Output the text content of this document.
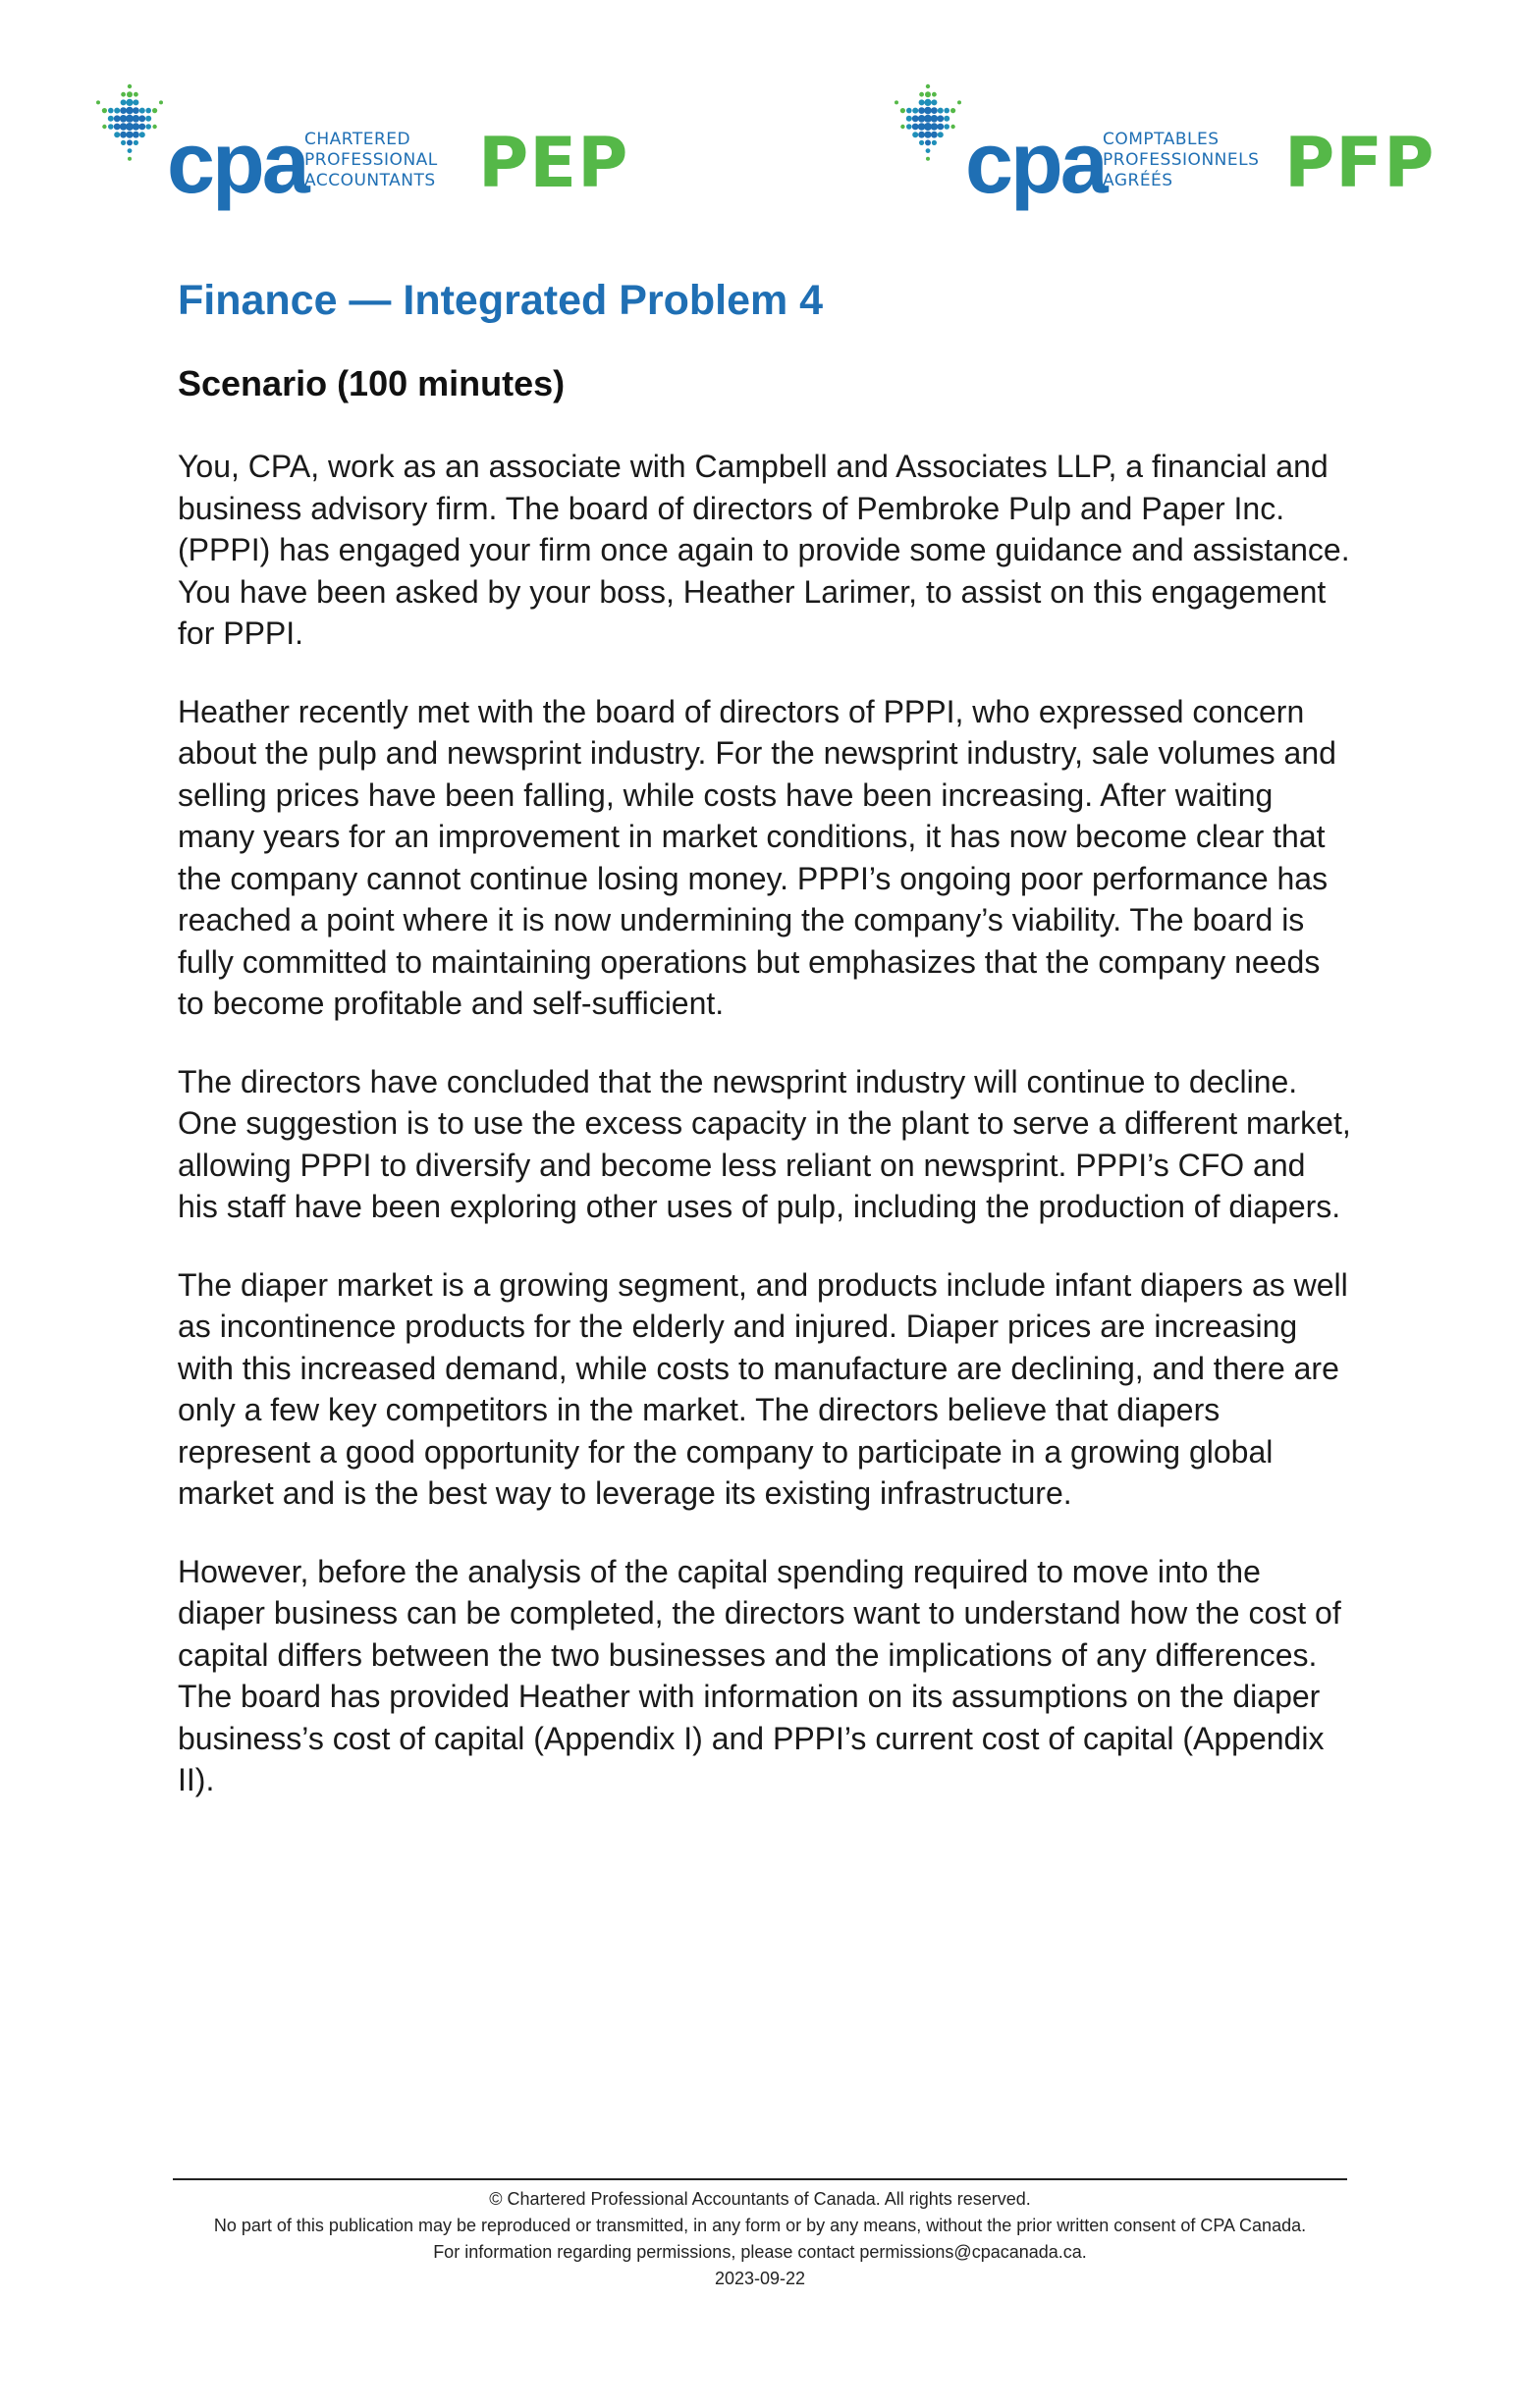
cpa
CHARTERED
PROFESSIONAL
ACCOUNTANTS PEP	cpa
COMPTABLES
PROFESSIONNELS
AGRÉÉS	PFP
Finance — Integrated Problem 4
Scenario (100 minutes)

You, CPA, work as an associate with Campbell and Associates LLP, a financial and business advisory firm. The board of directors of Pembroke Pulp and Paper Inc. (PPPI) has engaged your firm once again to provide some guidance and assistance. You have been asked by your boss, Heather Larimer, to assist on this engagement for PPPI.

Heather recently met with the board of directors of PPPI, who expressed concern about the pulp and newsprint industry. For the newsprint industry, sale volumes and selling prices have been falling, while costs have been increasing. After waiting many years for an improvement in market conditions, it has now become clear that the company cannot continue losing money. PPPI’s ongoing poor performance has reached a point where it is now undermining the company’s viability. The board is fully committed to maintaining operations but emphasizes that the company needs to become profitable and self-sufficient.

The directors have concluded that the newsprint industry will continue to decline. One suggestion is to use the excess capacity in the plant to serve a different market, allowing PPPI to diversify and become less reliant on newsprint. PPPI’s CFO and his staff have been exploring other uses of pulp, including the production of diapers.

The diaper market is a growing segment, and products include infant diapers as well as incontinence products for the elderly and injured. Diaper prices are increasing with this increased demand, while costs to manufacture are declining, and there are only a few key competitors in the market. The directors believe that diapers represent a good opportunity for the company to participate in a growing global market and is the best way to leverage its existing infrastructure.

However, before the analysis of the capital spending required to move into the diaper business can be completed, the directors want to understand how the cost of capital differs between the two businesses and the implications of any differences. The board has provided Heather with information on its assumptions on the diaper business’s cost of capital (Appendix I) and PPPI’s current cost of capital (Appendix II).

© Chartered Professional Accountants of Canada. All rights reserved.
No part of this publication may be reproduced or transmitted, in any form or by any means, without the prior written consent of CPA Canada.
For information regarding permissions, please contact permissions@cpacanada.ca.
2023-09-22
